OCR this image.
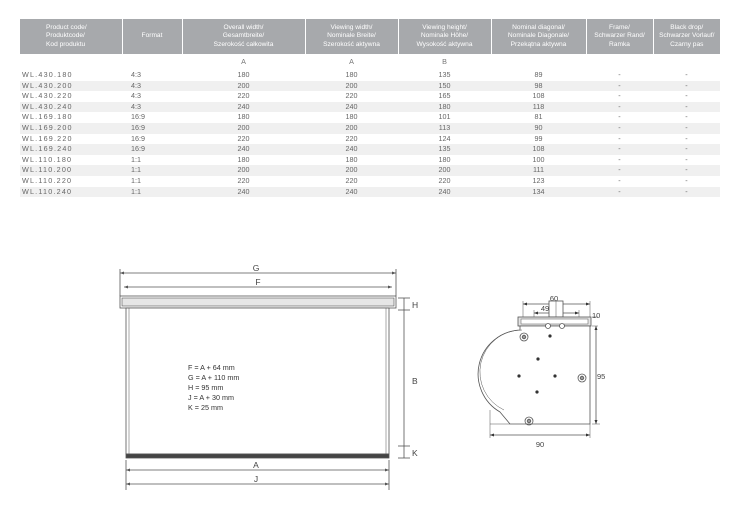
Product code/
Produktcode/
Kod produktu	Format	Overall width/
Gesamtbreite/
Szerokość całkowita	Viewing width/
Nominale Breite/
Szerokość aktywna	Viewing height/
Nominale Höhe/
Wysokość aktywna	Nominal diagonal/
Nominale Diagonale/
Przekątna aktywna	Frame/
Schwarzer Rand/
Ramka	Black drop/
Schwarzer Vorlauf/
Czarny pas
		A	A	B			
WL.430.180	4:3	180	180	135	89	-	-
WL.430.200	4:3	200	200	150	98	-	-
WL.430.220	4:3	220	220	165	108	-	-
WL.430.240	4:3	240	240	180	118	-	-
WL.169.180	16:9	180	180	101	81	-	-
WL.169.200	16:9	200	200	113	90	-	-
WL.169.220	16:9	220	220	124	99	-	-
WL.169.240	16:9	240	240	135	108	-	-
WL.110.180	1:1	180	180	180	100	-	-
WL.110.200	1:1	200	200	200	111	-	-
WL.110.220	1:1	220	220	220	123	-	-
WL.110.240	1:1	240	240	240	134	-	-
G
F
H
B
K
A
J
F = A + 64 mm
G = A + 110 mm
H = 95 mm
J = A + 30 mm
K = 25 mm
60
49
10
95
90
